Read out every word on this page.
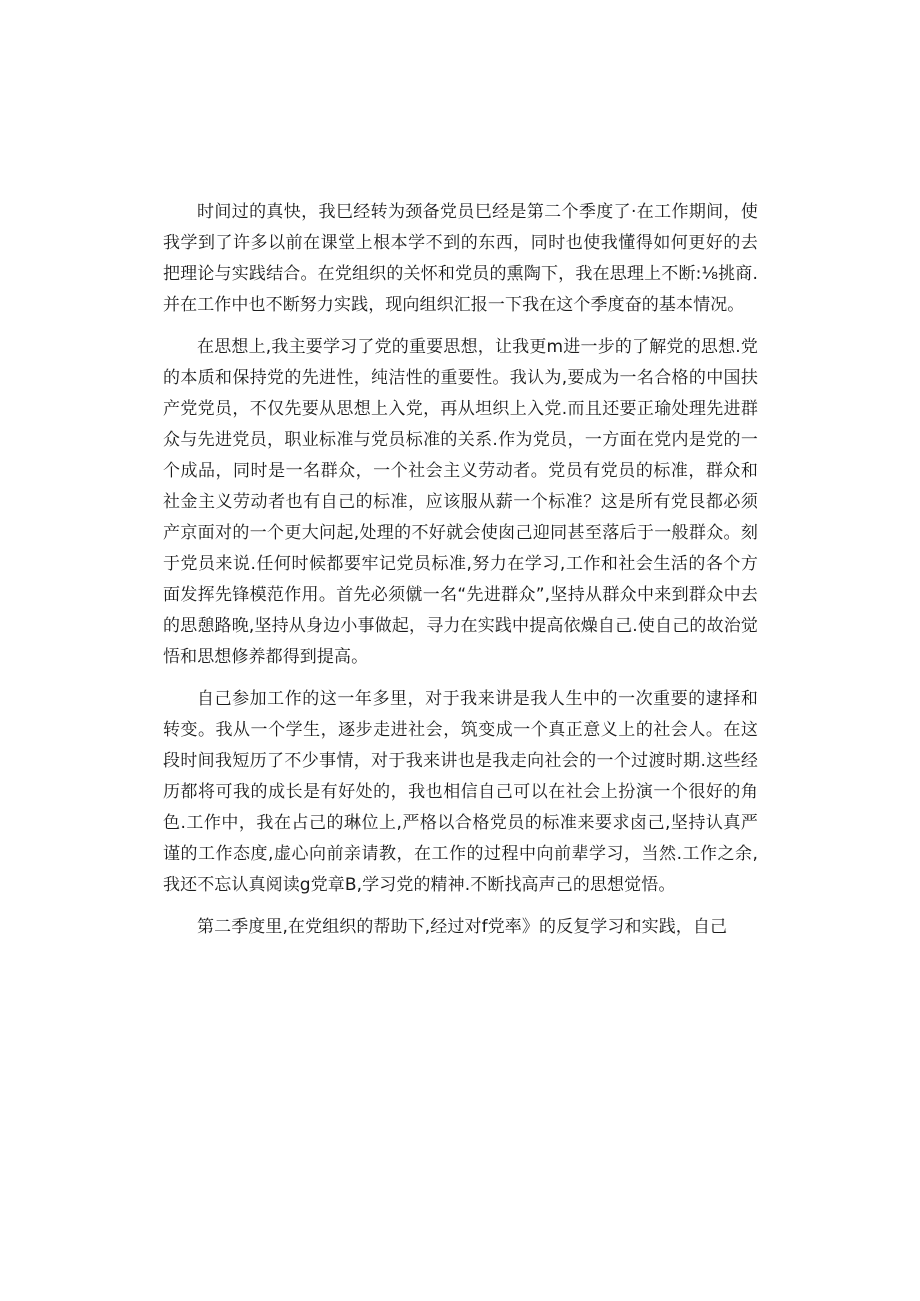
时间过的真快，我巳经转为颈备党员巳经是第二个季度了·在工作期间，使我学到了许多以前在课堂上根本学不到的东西，同时也使我懂得如何更好的去把理论与实践结合。在党组织的关怀和党员的熏陶下，我在思理上不断:⅛挑商.并在工作中也不断努力实践，现向组织汇报一下我在这个季度奋的基本情况。

在思想上,我主要学习了党的重要思想，让我更m进一步的了解党的思想.党的本质和保持党的先进性，纯洁性的重要性。我认为,要成为一名合格的中国扶产党党员，不仅先要从思想上入党，再从坦织上入党.而且还要正瑜处理先进群众与先进党员，职业标准与党员标准的关系.作为党员，一方面在党内是党的一个成品，同时是一名群众，一个社会主义劳动者。党员有党员的标准，群众和社金主义劳动者也有自己的标准，应该服从薪一个标准？这是所有党艮都必须产京面对的一个更大问起,处理的不好就会使囱己迎同甚至落后于一般群众。刻于党员来说.任何时候都要牢记党员标准,努力在学习,工作和社会生活的各个方面发挥先锋模范作用。首先必须僦一名“先进群众”,坚持从群众中来到群众中去的思憩路晚,坚持从身边小事做起，寻力在实践中提高依燥自己.使自己的故治觉悟和思想修养都得到提高。

自己参加工作的这一年多里，对于我来讲是我人生中的一次重要的逮择和转变。我从一个学生，逐步走进社会，筑变成一个真正意义上的社会人。在这段时间我短历了不少事情，对于我来讲也是我走向社会的一个过渡时期.这些经历都将可我的成长是有好处的，我也相信自己可以在社会上扮演一个很好的角色.工作中，我在占己的琳位上,严格以合格党员的标准来要求卤己,坚持认真严谨的工作态度,虚心向前亲请教，在工作的过程中向前辈学习，当然.工作之余,我还不忘认真阅读g党章B,学习党的精神.不断找高声己的思想觉悟。

第二季度里,在党组织的帮助下,经过对f党率》的反复学习和实践，自己
